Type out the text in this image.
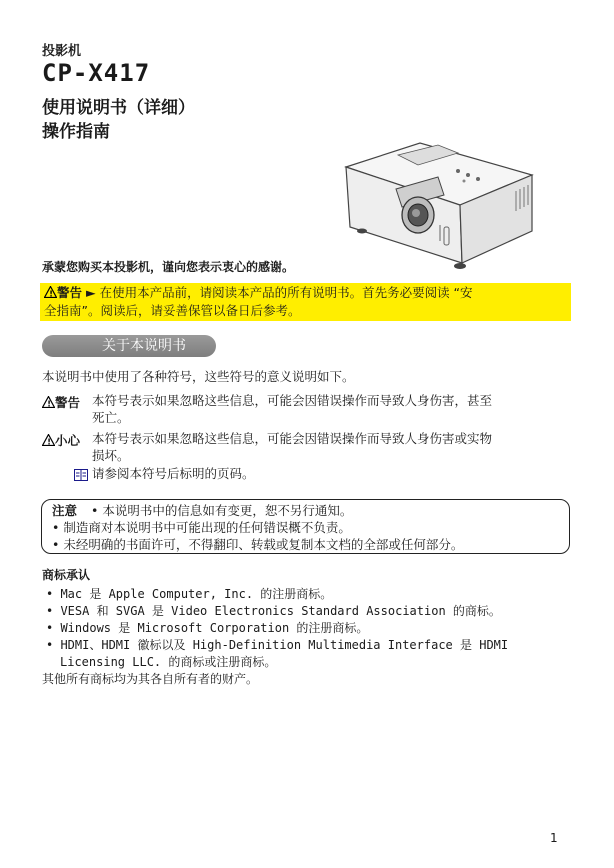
投影机
CP-X417
使用说明书（详细）
操作指南
承蒙您购买本投影机，谨向您表示衷心的感谢。
! 警告 ► 在使用本产品前，请阅读本产品的所有说明书。首先务必要阅读 “安
全指南”。阅读后，请妥善保管以备日后参考。
关于本说明书
本说明书中使用了各种符号，这些符号的意义说明如下。
! 警告 本符号表示如果忽略这些信息，可能会因错误操作而导致人身伤害，甚至
死亡。
! 小心 本符号表示如果忽略这些信息，可能会因错误操作而导致人身伤害或实物
损坏。
请参阅本符号后标明的页码。
注意 • 本说明书中的信息如有变更，恕不另行通知。
• 制造商对本说明书中可能出现的任何错误概不负责。
• 未经明确的书面许可，不得翻印、转载或复制本文档的全部或任何部分。
商标承认
• Mac 是 Apple Computer, Inc. 的注册商标。
• VESA 和 SVGA 是 Video Electronics Standard Association 的商标。
• Windows 是 Microsoft Corporation 的注册商标。
• HDMI、HDMI 徽标以及 High-Definition Multimedia Interface 是 HDMI
Licensing LLC. 的商标或注册商标。
其他所有商标均为其各自所有者的财产。
1
